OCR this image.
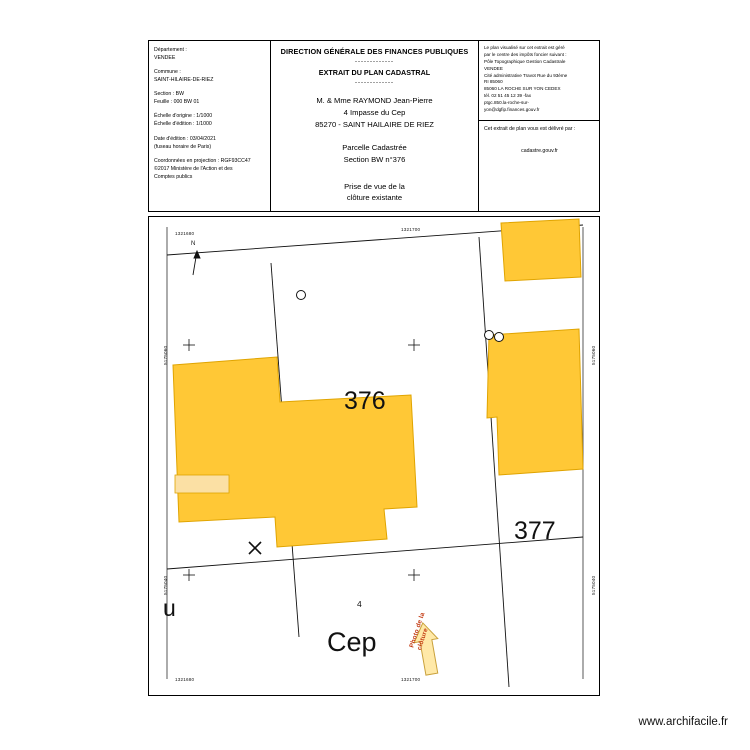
Département :
VENDEE
Commune :
SAINT-HILAIRE-DE-RIEZ
Section : BW
Feuille : 000 BW 01
Échelle d'origine : 1/1000
Échelle d'édition : 1/1000
Date d'édition : 03/04/2021
(fuseau horaire de Paris)
Coordonnées en projection : RGF93CC47
©2017 Ministère de l'Action et des
Comptes publics
DIRECTION GÉNÉRALE DES FINANCES PUBLIQUES
-------------
EXTRAIT DU PLAN CADASTRAL
-------------
M. & Mme RAYMOND Jean-Pierre
4 Impasse du Cep
85270 - SAINT HAILAIRE DE RIEZ
Parcelle Cadastrée
Section BW n°376
Prise de vue de la
clôture existante
Le plan visualisé sur cet extrait est géré
par le centre des impôts foncier suivant :
Pôle Topographique Gestion Cadastrale
VENDEE
Cité administrative Travot Rue du 93ème
RI 85060
85060 LA ROCHE SUR YON CEDEX
tél. 02 51 45 12 39 -fax
ptgc.850.la-roche-sur-
yon@dgfip.finances.gouv.fr
Cet extrait de plan vous est délivré par :
cadastre.gouv.fr
1321680
1321700
1321680	1321700
5175060
5175040
5175060
5175040
N
376
377
u	4
Cep	Photo de la clôture
www.archifacile.fr
